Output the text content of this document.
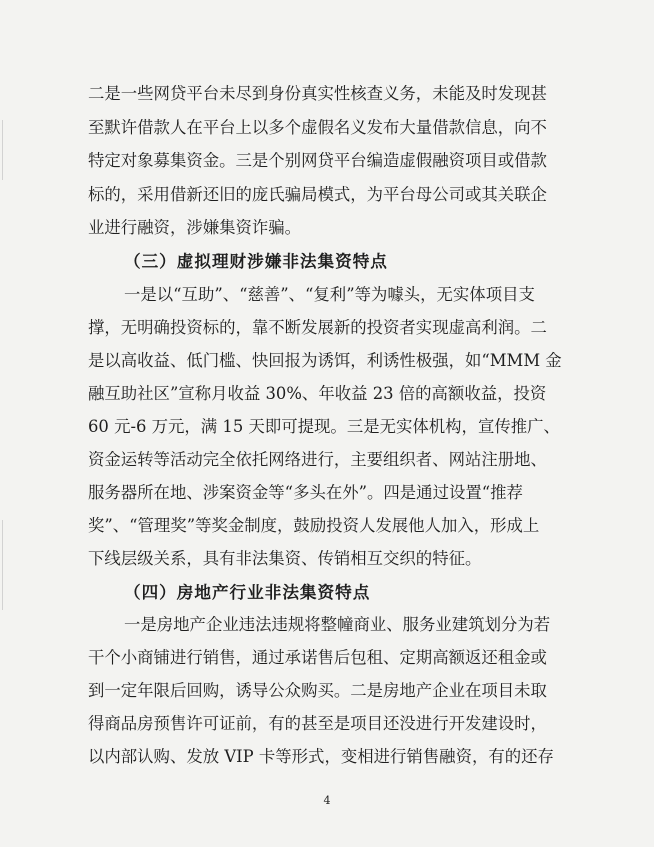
二是一些网贷平台未尽到身份真实性核查义务，未能及时发现甚
至默许借款人在平台上以多个虚假名义发布大量借款信息，向不
特定对象募集资金。三是个别网贷平台编造虚假融资项目或借款
标的，采用借新还旧的庞氏骗局模式，为平台母公司或其关联企
业进行融资，涉嫌集资诈骗。
（三）虚拟理财涉嫌非法集资特点
一是以“互助”、“慈善”、“复利”等为噱头，无实体项目支
撑，无明确投资标的，靠不断发展新的投资者实现虚高利润。二
是以高收益、低门槛、快回报为诱饵，利诱性极强，如“MMM 金
融互助社区”宣称月收益 30%、年收益 23 倍的高额收益，投资
60 元-6 万元，满 15 天即可提现。三是无实体机构，宣传推广、
资金运转等活动完全依托网络进行，主要组织者、网站注册地、
服务器所在地、涉案资金等“多头在外”。四是通过设置“推荐
奖”、“管理奖”等奖金制度，鼓励投资人发展他人加入，形成上
下线层级关系，具有非法集资、传销相互交织的特征。
（四）房地产行业非法集资特点
一是房地产企业违法违规将整幢商业、服务业建筑划分为若
干个小商铺进行销售，通过承诺售后包租、定期高额返还租金或
到一定年限后回购，诱导公众购买。二是房地产企业在项目未取
得商品房预售许可证前，有的甚至是项目还没进行开发建设时，
以内部认购、发放 VIP 卡等形式，变相进行销售融资，有的还存
4
